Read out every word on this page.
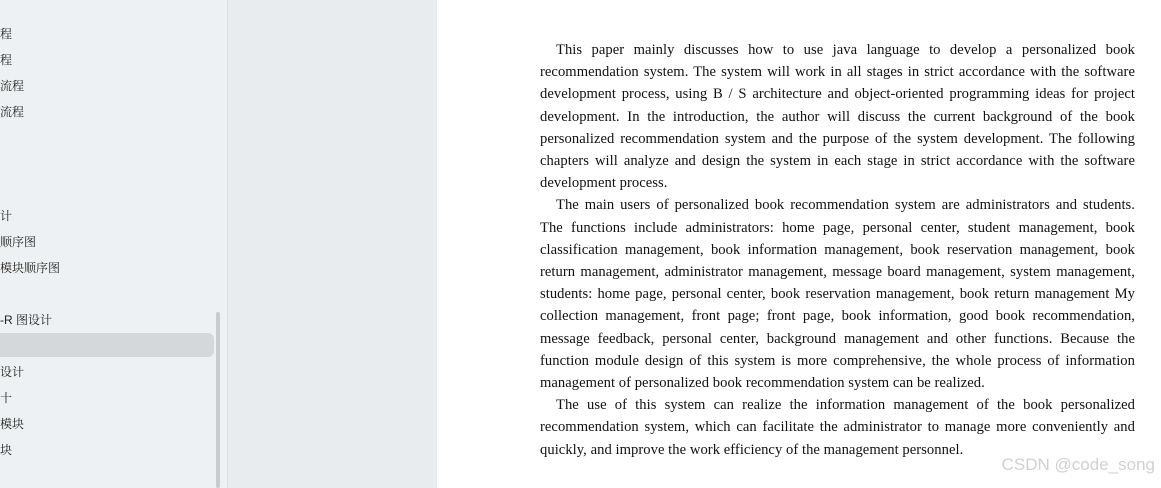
程
程
流程
流程
计
顺序图
模块顺序图
-R 图设计
设计
十
模块
块

This paper mainly discusses how to use java language to develop a personalized book recommendation system. The system will work in all stages in strict accordance with the software development process, using B / S architecture and object-oriented programming ideas for project development. In the introduction, the author will discuss the current background of the book personalized recommendation system and the purpose of the system development. The following chapters will analyze and design the system in each stage in strict accordance with the software development process.

The main users of personalized book recommendation system are administrators and students. The functions include administrators: home page, personal center, student management, book classification management, book information management, book reservation management, book return management, administrator management, message board management, system management, students: home page, personal center, book reservation management, book return management My collection management, front page; front page, book information, good book recommendation, message feedback, personal center, background management and other functions. Because the function module design of this system is more comprehensive, the whole process of information management of personalized book recommendation system can be realized.

The use of this system can realize the information management of the book personalized recommendation system, which can facilitate the administrator to manage more conveniently and quickly, and improve the work efficiency of the management personnel.

CSDN @code_song
